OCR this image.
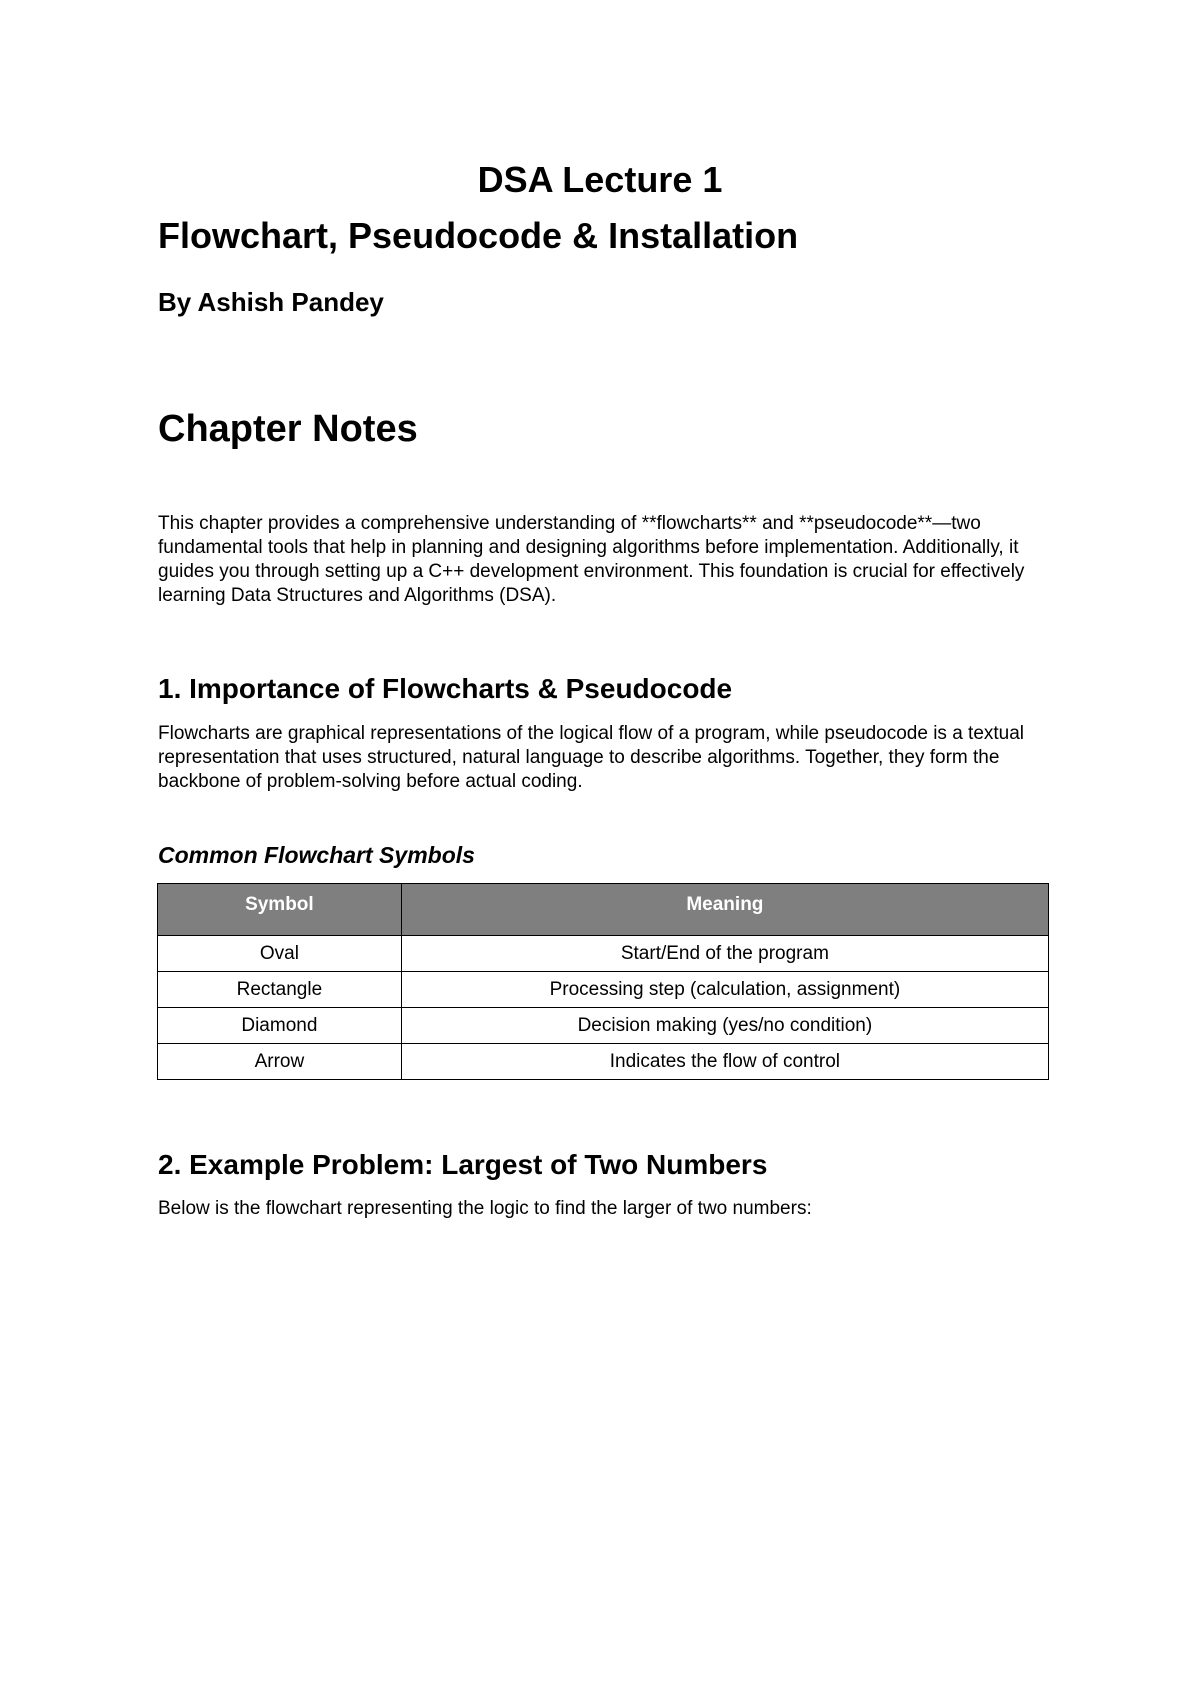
DSA Lecture 1
Flowchart, Pseudocode & Installation
By Ashish Pandey
Chapter Notes
This chapter provides a comprehensive understanding of **flowcharts** and **pseudocode**—two fundamental tools that help in planning and designing algorithms before implementation. Additionally, it guides you through setting up a C++ development environment. This foundation is crucial for effectively learning Data Structures and Algorithms (DSA).
1. Importance of Flowcharts & Pseudocode
Flowcharts are graphical representations of the logical flow of a program, while pseudocode is a textual representation that uses structured, natural language to describe algorithms. Together, they form the backbone of problem-solving before actual coding.
Common Flowchart Symbols
Symbol	Meaning
Oval	Start/End of the program
Rectangle	Processing step (calculation, assignment)
Diamond	Decision making (yes/no condition)
Arrow	Indicates the flow of control
2. Example Problem: Largest of Two Numbers
Below is the flowchart representing the logic to find the larger of two numbers:
